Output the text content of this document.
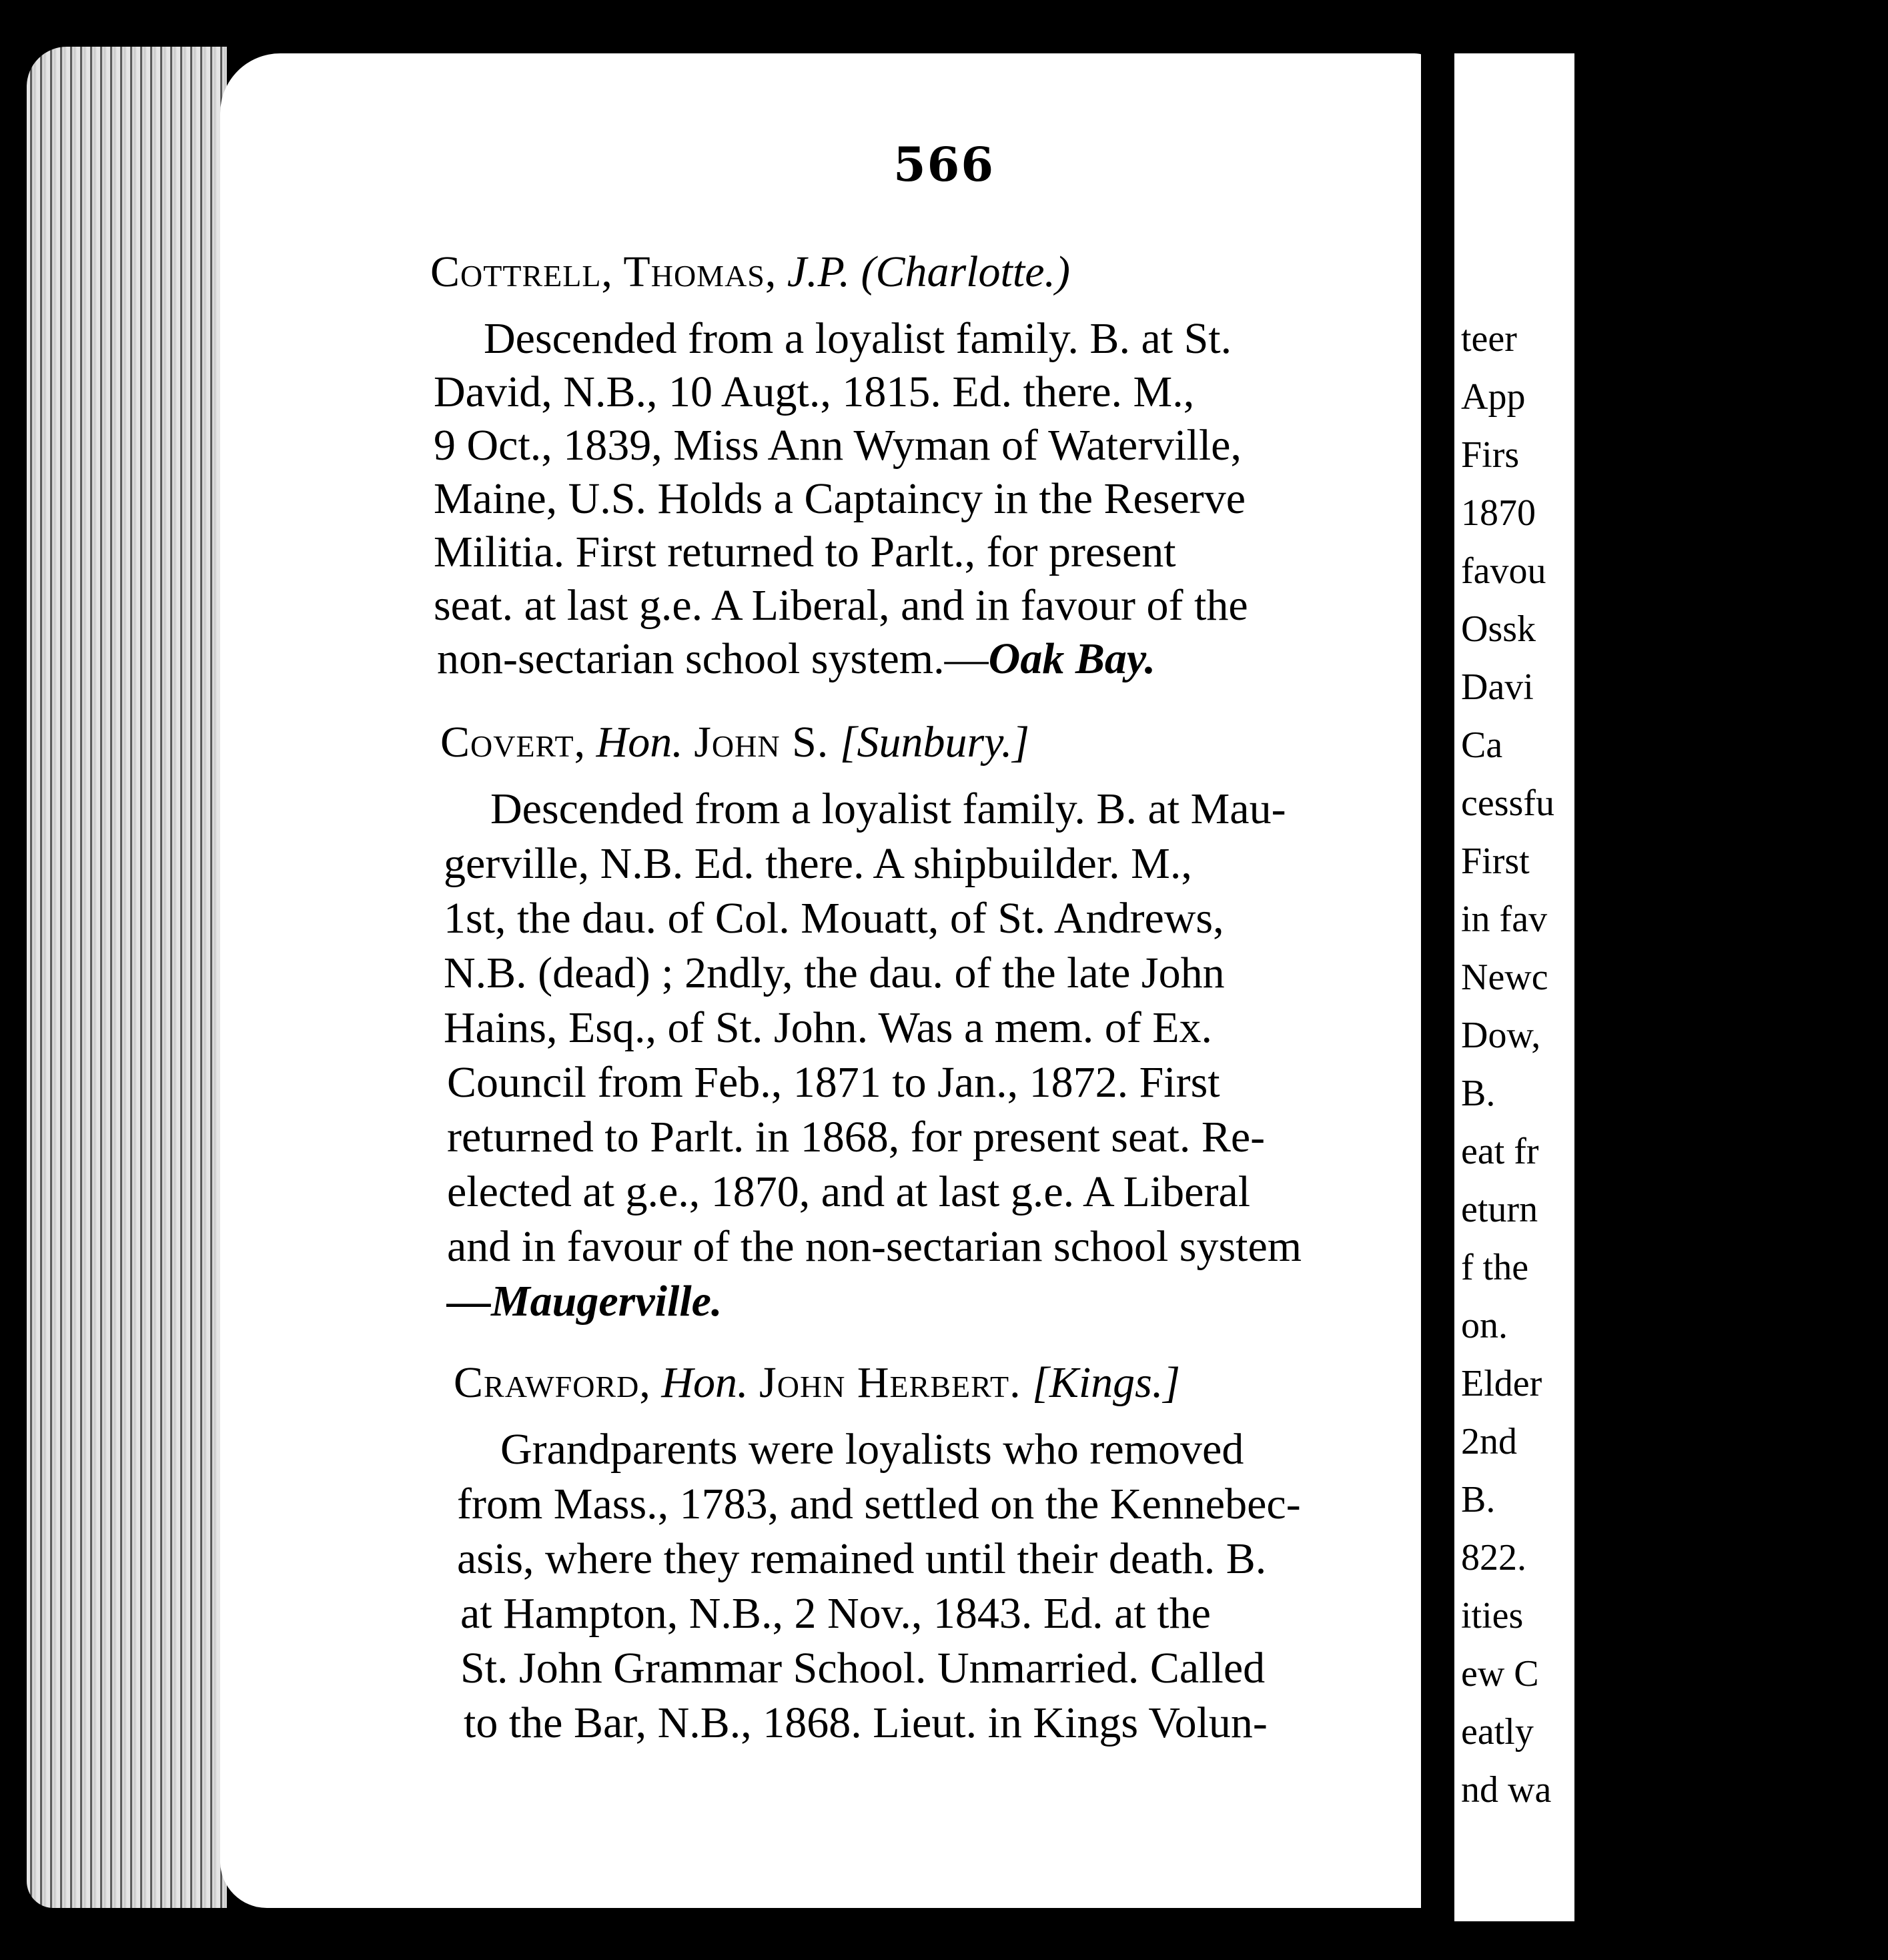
teer
App
Firs
1870
favou
Ossk
Davi
Ca
cessfu
First
in fav
Newc
Dow,
B.
eat fr
eturn
f the
on.
Elder
2nd
B.
822.
ities
ew C
eatly
nd wa
566
Cottrell, Thomas, J.P. (Charlotte.)
Descended from a loyalist family. B. at St.
David, N.B., 10 Augt., 1815. Ed. there. M.,
9 Oct., 1839, Miss Ann Wyman of Waterville,
Maine, U.S. Holds a Captaincy in the Reserve
Militia. First returned to Parlt., for present
seat. at last g.e. A Liberal, and in favour of the
non-sectarian school system.—Oak Bay.
Covert, Hon. John S. [Sunbury.]
Descended from a loyalist family. B. at Mau-
gerville, N.B. Ed. there. A shipbuilder. M.,
1st, the dau. of Col. Mouatt, of St. Andrews,
N.B. (dead) ; 2ndly, the dau. of the late John
Hains, Esq., of St. John. Was a mem. of Ex.
Council from Feb., 1871 to Jan., 1872. First
returned to Parlt. in 1868, for present seat. Re-
elected at g.e., 1870, and at last g.e. A Liberal
and in favour of the non-sectarian school system
—Maugerville.
Crawford, Hon. John Herbert. [Kings.]
Grandparents were loyalists who removed
from Mass., 1783, and settled on the Kennebec-
asis, where they remained until their death. B.
at Hampton, N.B., 2 Nov., 1843. Ed. at the
St. John Grammar School. Unmarried. Called
to the Bar, N.B., 1868. Lieut. in Kings Volun-
